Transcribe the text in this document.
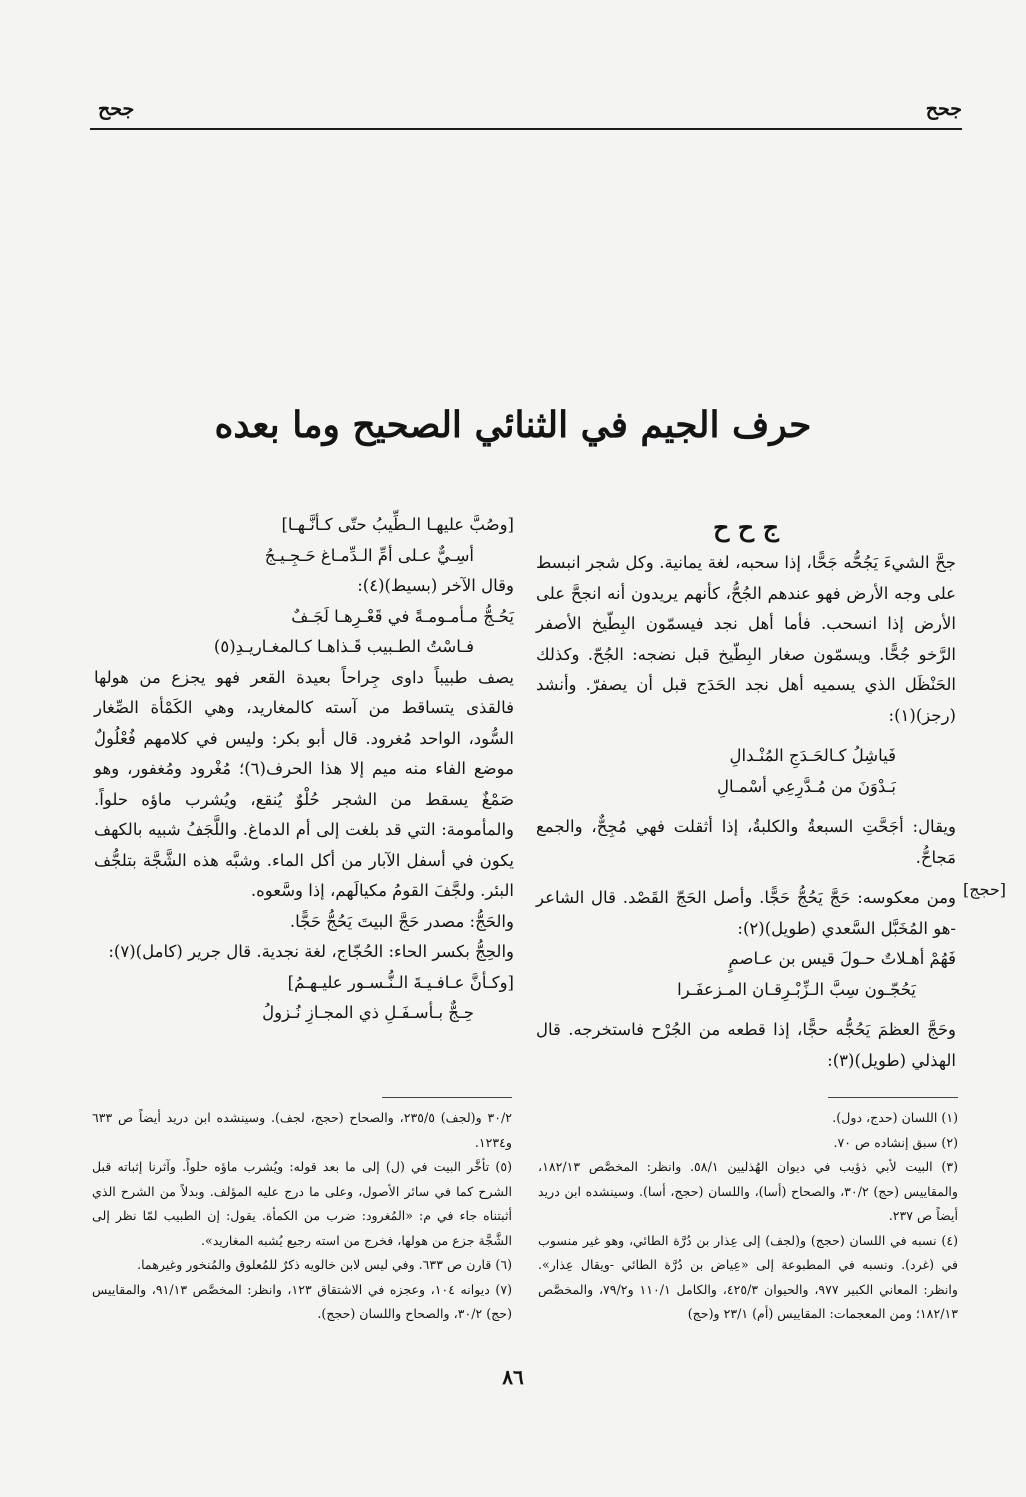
جحح
جحح
حرف الجيم في الثنائي الصحيح وما بعده
ج ح ح

جحَّ الشيءَ يَجُحُّه جَحًّا، إذا سحبه، لغة يمانية. وكل شجر انبسط على وجه الأرض فهو عندهم الجُحُّ، كأنهم يريدون أنه انجحَّ على الأرض إذا انسحب. فأما أهل نجد فيسمّون البِطّيخ الأصفر الرَّخو جُحًّا. ويسمّون صغار البِطّيخ قبل نضجه: الجُحّ. وكذلك الحَنْظَل الذي يسميه أهل نجد الحَدَج قبل أن يصفرّ. وأنشد (رجز)(١):

فَياشِلُ كـالحَـدَجِ المُنْـدالِ

بَـدْوَنَ من مُـدَّرِعِي أسْمـالِ

ويقال: أجَحَّتِ السبعةُ والكلبةُ، إذا أثقلت فهي مُجِحٌّ، والجمع مَجاحُّ.

ومن معكوسه: حَجَّ يَحُجُّ حَجًّا. وأصل الحَجّ القَصْد. قال الشاعر -هو المُخَبَّل السَّعدي (طويل)(٢):

فَهُمْ أهـلاتٌ حـولَ قيس بن عـاصمٍ

يَحُجّـون سِبَّ الـزِّبْـرِقـان المـزعفَـرا

وحَجَّ العظمَ يَحُجُّه حجًّا، إذا قطعه من الجُرْح فاستخرجه. قال الهذلي (طويل)(٣):

[حجج]

[وصُبَّ عليهـا الـطِّيبُ حتّى كـأنَّـهـا]

أسِـيٌّ عـلى أمِّ الـدِّمـاغ حَـجِـيـجُ

وقال الآخر (بسيط)(٤):

يَحُـجُّ مـأمـومـةً في قَعْـرِهـا لَجَـفٌ

فـاسْتُ الطـبيب قَـذاهـا كـالمغـاريـدِ(٥)

يصف طبيباً داوى جِراحاً بعيدة القعر فهو يجزع من هولها فالقذى يتساقط من آسته كالمغاريد، وهي الكَمْأة الصِّغار السُّود، الواحد مُغرود. قال أبو بكر: وليس في كلامهم فُعْلُولٌ موضع الفاء منه ميم إلا هذا الحرف(٦)؛ مُغْرود ومُغفور، وهو صَمْغٌ يسقط من الشجر حُلْوٌ يُنقع، ويُشرب ماؤه حلواً. والمأمومة: التي قد بلغت إلى أم الدماغ. واللَّجَفُ شبيه بالكهف يكون في أسفل الآبار من أكل الماء. وشبَّه هذه الشَّجَّة بتلجُّف البئر. ولجَّفَ القومُ مكيالَهم، إذا وسَّعوه.

والحَجُّ: مصدر حَجَّ البيتَ يَحُجُّ حَجًّا.

والحِجُّ بكسر الحاء: الحُجّاج، لغة نجدية. قال جرير (كامل)(٧):

[وكـأنَّ عـافـيـةَ الـنُّـسـور عليـهـمُ]

حِـجٌّ بـأسـفَـلِ ذي المجـازِ نُـزولُ

(١) اللسان (حدج، دول).

(٢) سبق إنشاده ص ٧٠.

(٣) البيت لأبي ذؤيب في ديوان الهُذليين ٥٨/١. وانظر: المخصَّص ١٨٢/١٣، والمقاييس (حج) ٣٠/٢، والصحاح (أسا)، واللسان (حجج، أسا). وسينشده ابن دريد أيضاً ص ٢٣٧.

(٤) نسبه في اللسان (حجج) و(لجف) إلى عِذار بن دُرَّة الطائي، وهو غير منسوب في (غرد). ونسبه في المطبوعة إلى «عِياض بن دُرَّة الطائي -ويقال عِذار». وانظر: المعاني الكبير ٩٧٧، والحيوان ٤٢٥/٣، والكامل ١١٠/١ و٧٩/٢، والمخصَّص ١٨٢/١٣؛ ومن المعجمات: المقاييس (أم) ٢٣/١ و(حج)

٣٠/٢ و(لجف) ٢٣٥/٥، والصحاح (حجج، لجف). وسينشده ابن دريد أيضاً ص ٦٣٣ و١٢٣٤.

(٥) تأخَّر البيت في (ل) إلى ما بعد قوله: ويُشرب ماؤه حلواً. وآثرنا إثباته قبل الشرح كما في سائر الأصول، وعلى ما درج عليه المؤلف. وبدلاً من الشرح الذي أثبتناه جاء في م: «المُغرود: ضرب من الكمأة. يقول: إن الطبيب لمّا نظر إلى الشَّجَّة جزع من هولها، فخرج من استه رجيع يُشبه المغاريد».

(٦) قارن ص ٦٣٣. وفي ليس لابن خالويه ذكرٌ للمُعلوق والمُنخور وغيرهما.

(٧) ديوانه ١٠٤، وعجزه في الاشتقاق ١٢٣، وانظر: المخصَّص ٩١/١٣، والمقاييس (حج) ٣٠/٢، والصحاح واللسان (حجج).

٨٦
